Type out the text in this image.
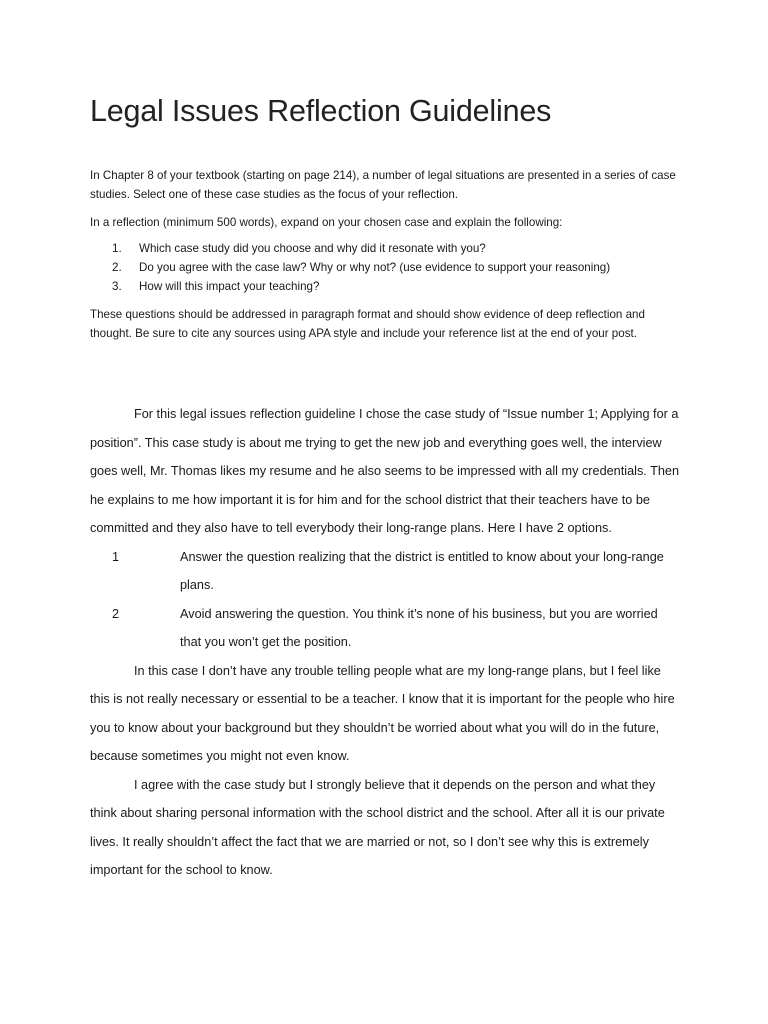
Legal Issues Reflection Guidelines

In Chapter 8 of your textbook (starting on page 214), a number of legal situations are presented in a series of case studies. Select one of these case studies as the focus of your reflection.

In a reflection (minimum 500 words), expand on your chosen case and explain the following:

1.	Which case study did you choose and why did it resonate with you?
2.	Do you agree with the case law? Why or why not? (use evidence to support your reasoning)
3.	How will this impact your teaching?

These questions should be addressed in paragraph format and should show evidence of deep reflection and thought. Be sure to cite any sources using APA style and include your reference list at the end of your post.

For this legal issues reflection guideline I chose the case study of “Issue number 1; Applying for a position”. This case study is about me trying to get the new job and everything goes well, the interview goes well, Mr. Thomas likes my resume and he also seems to be impressed with all my credentials. Then he explains to me how important it is for him and for the school district that their teachers have to be committed and they also have to tell everybody their long-range plans. Here I have 2 options.

1	Answer the question realizing that the district is entitled to know about your long-range plans.
2	Avoid answering the question. You think it’s none of his business, but you are worried that you won’t get the position.

In this case I don’t have any trouble telling people what are my long-range plans, but I feel like this is not really necessary or essential to be a teacher. I know that it is important for the people who hire you to know about your background but they shouldn’t be worried about what you will do in the future, because sometimes you might not even know.

I agree with the case study but I strongly believe that it depends on the person and what they think about sharing personal information with the school district and the school. After all it is our private lives. It really shouldn’t affect the fact that we are married or not, so I don’t see why this is extremely important for the school to know.
